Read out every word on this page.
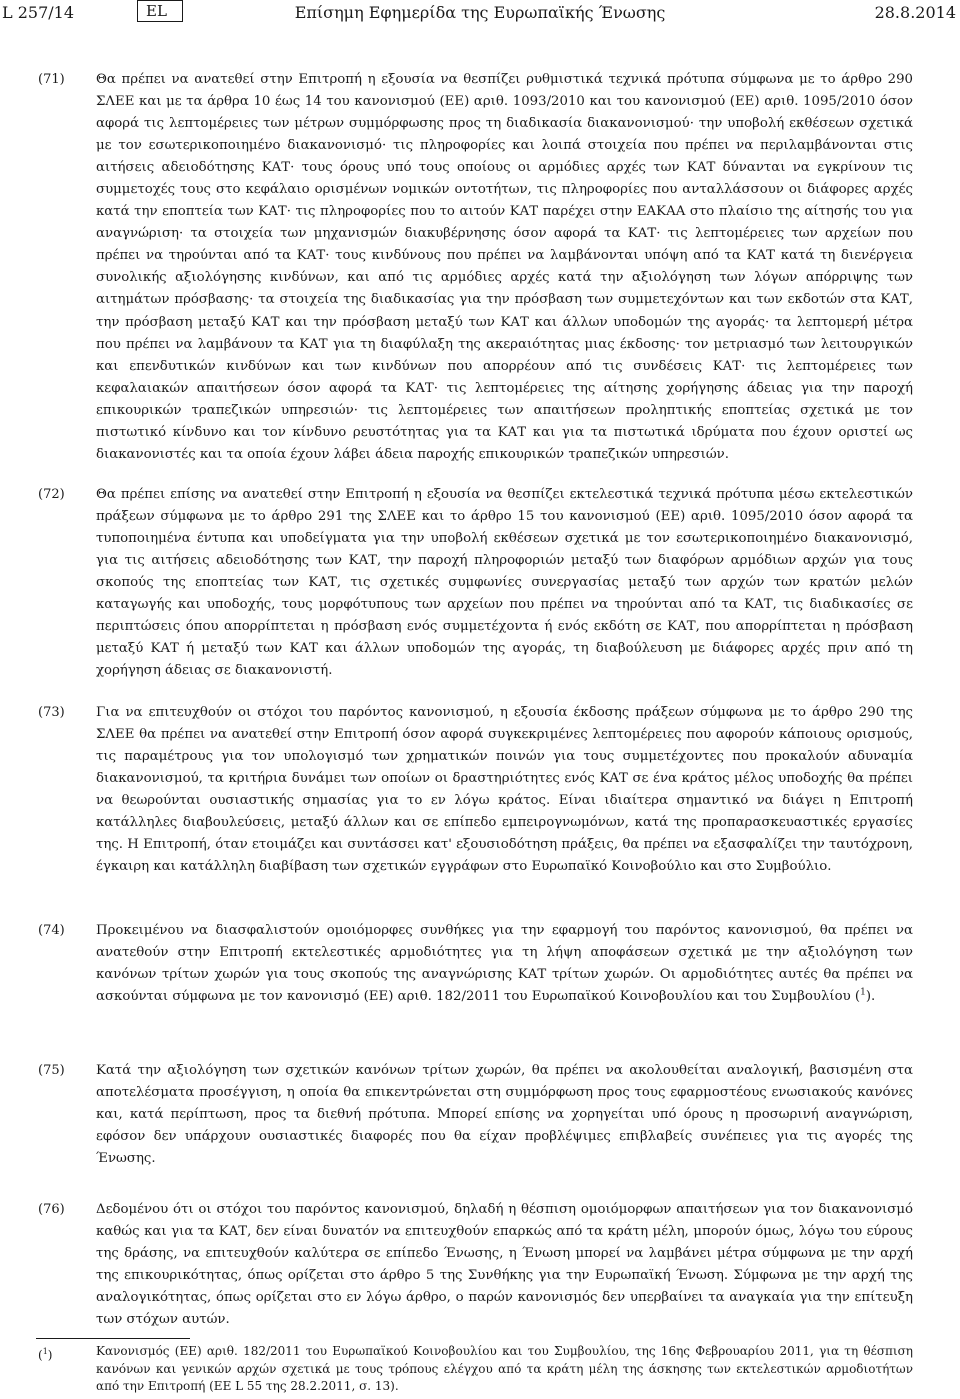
L 257/14	EL	Επίσημη Εφημερίδα της Ευρωπαϊκής Ένωσης	28.8.2014
(71) Θα πρέπει να ανατεθεί στην Επιτροπή η εξουσία να θεσπίζει ρυθμιστικά τεχνικά πρότυπα σύμφωνα με το άρθρο 290 ΣΛΕΕ και με τα άρθρα 10 έως 14 του κανονισμού (ΕΕ) αριθ. 1093/2010 και του κανονισμού (ΕΕ) αριθ. 1095/2010 όσον αφορά τις λεπτομέρειες των μέτρων συμμόρφωσης προς τη διαδικασία διακανονισμού· την υποβολή εκθέσεων σχετικά με τον εσωτερικοποιημένο διακανονισμό· τις πληροφορίες και λοιπά στοιχεία που πρέπει να περιλαμβάνονται στις αιτήσεις αδειοδότησης ΚΑΤ· τους όρους υπό τους οποίους οι αρμόδιες αρχές των ΚΑΤ δύνανται να εγκρίνουν τις συμμετοχές τους στο κεφάλαιο ορισμένων νομικών οντοτήτων, τις πληροφορίες που ανταλλάσσουν οι διάφορες αρχές κατά την εποπτεία των ΚΑΤ· τις πληροφορίες που το αιτούν ΚΑΤ παρέχει στην ΕΑΚΑΑ στο πλαίσιο της αίτησής του για αναγνώριση· τα στοιχεία των μηχανισμών διακυβέρνησης όσον αφορά τα ΚΑΤ· τις λεπτομέρειες των αρχείων που πρέπει να τηρούνται από τα ΚΑΤ· τους κινδύνους που πρέπει να λαμβάνονται υπόψη από τα ΚΑΤ κατά τη διενέργεια συνολικής αξιολόγησης κινδύνων, και από τις αρμόδιες αρχές κατά την αξιολόγηση των λόγων απόρριψης των αιτημάτων πρόσβασης· τα στοιχεία της διαδικασίας για την πρόσβαση των συμμετεχόντων και των εκδοτών στα ΚΑΤ, την πρόσβαση μεταξύ ΚΑΤ και την πρόσβαση μεταξύ των ΚΑΤ και άλλων υποδομών της αγοράς· τα λεπτομερή μέτρα που πρέπει να λαμβάνουν τα ΚΑΤ για τη διαφύλαξη της ακεραιότητας μιας έκδοσης· τον μετριασμό των λειτουργικών και επενδυτικών κινδύνων και των κινδύνων που απορρέουν από τις συνδέσεις ΚΑΤ· τις λεπτομέρειες των κεφαλαιακών απαιτήσεων όσον αφορά τα ΚΑΤ· τις λεπτομέρειες της αίτησης χορήγησης άδειας για την παροχή επικουρικών τραπεζικών υπηρεσιών· τις λεπτομέρειες των απαιτήσεων προληπτικής εποπτείας σχετικά με τον πιστωτικό κίνδυνο και τον κίνδυνο ρευστότητας για τα ΚΑΤ και για τα πιστωτικά ιδρύματα που έχουν οριστεί ως διακανονιστές και τα οποία έχουν λάβει άδεια παροχής επικουρικών τραπεζικών υπηρεσιών.
(72) Θα πρέπει επίσης να ανατεθεί στην Επιτροπή η εξουσία να θεσπίζει εκτελεστικά τεχνικά πρότυπα μέσω εκτελεστικών πράξεων σύμφωνα με το άρθρο 291 της ΣΛΕΕ και το άρθρο 15 του κανονισμού (ΕΕ) αριθ. 1095/2010 όσον αφορά τα τυποποιημένα έντυπα και υποδείγματα για την υποβολή εκθέσεων σχετικά με τον εσωτερικοποιημένο διακανονισμό, για τις αιτήσεις αδειοδότησης των ΚΑΤ, την παροχή πληροφοριών μεταξύ των διαφόρων αρμόδιων αρχών για τους σκοπούς της εποπτείας των ΚΑΤ, τις σχετικές συμφωνίες συνεργασίας μεταξύ των αρχών των κρατών μελών καταγωγής και υποδοχής, τους μορφότυπους των αρχείων που πρέπει να τηρούνται από τα ΚΑΤ, τις διαδικασίες σε περιπτώσεις όπου απορρίπτεται η πρόσβαση ενός συμμετέχοντα ή ενός εκδότη σε ΚΑΤ, που απορρίπτεται η πρόσβαση μεταξύ ΚΑΤ ή μεταξύ των ΚΑΤ και άλλων υποδομών της αγοράς, τη διαβούλευση με διάφορες αρχές πριν από τη χορήγηση άδειας σε διακανονιστή.
(73) Για να επιτευχθούν οι στόχοι του παρόντος κανονισμού, η εξουσία έκδοσης πράξεων σύμφωνα με το άρθρο 290 της ΣΛΕΕ θα πρέπει να ανατεθεί στην Επιτροπή όσον αφορά συγκεκριμένες λεπτομέρειες που αφορούν κάποιους ορισμούς, τις παραμέτρους για τον υπολογισμό των χρηματικών ποινών για τους συμμετέχοντες που προκαλούν αδυναμία διακανονισμού, τα κριτήρια δυνάμει των οποίων οι δραστηριότητες ενός ΚΑΤ σε ένα κράτος μέλος υποδοχής θα πρέπει να θεωρούνται ουσιαστικής σημασίας για το εν λόγω κράτος. Είναι ιδιαίτερα σημαντικό να διάγει η Επιτροπή κατάλληλες διαβουλεύσεις, μεταξύ άλλων και σε επίπεδο εμπειρογνωμόνων, κατά της προπαρασκευαστικές εργασίες της. Η Επιτροπή, όταν ετοιμάζει και συντάσσει κατ' εξουσιοδότηση πράξεις, θα πρέπει να εξασφαλίζει την ταυτόχρονη, έγκαιρη και κατάλληλη διαβίβαση των σχετικών εγγράφων στο Ευρωπαϊκό Κοινοβούλιο και στο Συμβούλιο.
(74) Προκειμένου να διασφαλιστούν ομοιόμορφες συνθήκες για την εφαρμογή του παρόντος κανονισμού, θα πρέπει να ανατεθούν στην Επιτροπή εκτελεστικές αρμοδιότητες για τη λήψη αποφάσεων σχετικά με την αξιολόγηση των κανόνων τρίτων χωρών για τους σκοπούς της αναγνώρισης ΚΑΤ τρίτων χωρών. Οι αρμοδιότητες αυτές θα πρέπει να ασκούνται σύμφωνα με τον κανονισμό (ΕΕ) αριθ. 182/2011 του Ευρωπαϊκού Κοινοβουλίου και του Συμβουλίου ($^1$).
(75) Κατά την αξιολόγηση των σχετικών κανόνων τρίτων χωρών, θα πρέπει να ακολουθείται αναλογική, βασισμένη στα αποτελέσματα προσέγγιση, η οποία θα επικεντρώνεται στη συμμόρφωση προς τους εφαρμοστέους ενωσιακούς κανόνες και, κατά περίπτωση, προς τα διεθνή πρότυπα. Μπορεί επίσης να χορηγείται υπό όρους η προσωρινή αναγνώριση, εφόσον δεν υπάρχουν ουσιαστικές διαφορές που θα είχαν προβλέψιμες επιβλαβείς συνέπειες για τις αγορές της Ένωσης.
(76) Δεδομένου ότι οι στόχοι του παρόντος κανονισμού, δηλαδή η θέσπιση ομοιόμορφων απαιτήσεων για τον διακανονισμό καθώς και για τα ΚΑΤ, δεν είναι δυνατόν να επιτευχθούν επαρκώς από τα κράτη μέλη, μπορούν όμως, λόγω του εύρους της δράσης, να επιτευχθούν καλύτερα σε επίπεδο Ένωσης, η Ένωση μπορεί να λαμβάνει μέτρα σύμφωνα με την αρχή της επικουρικότητας, όπως ορίζεται στο άρθρο 5 της Συνθήκης για την Ευρωπαϊκή Ένωση. Σύμφωνα με την αρχή της αναλογικότητας, όπως ορίζεται στο εν λόγω άρθρο, ο παρών κανονισμός δεν υπερβαίνει τα αναγκαία για την επίτευξη των στόχων αυτών.
($^1$)	Κανονισμός (ΕΕ) αριθ. 182/2011 του Ευρωπαϊκού Κοινοβουλίου και του Συμβουλίου, της 16ης Φεβρουαρίου 2011, για τη θέσπιση κανόνων και γενικών αρχών σχετικά με τους τρόπους ελέγχου από τα κράτη μέλη της άσκησης των εκτελεστικών αρμοδιοτήτων από την Επιτροπή (ΕΕ L 55 της 28.2.2011, σ. 13).
